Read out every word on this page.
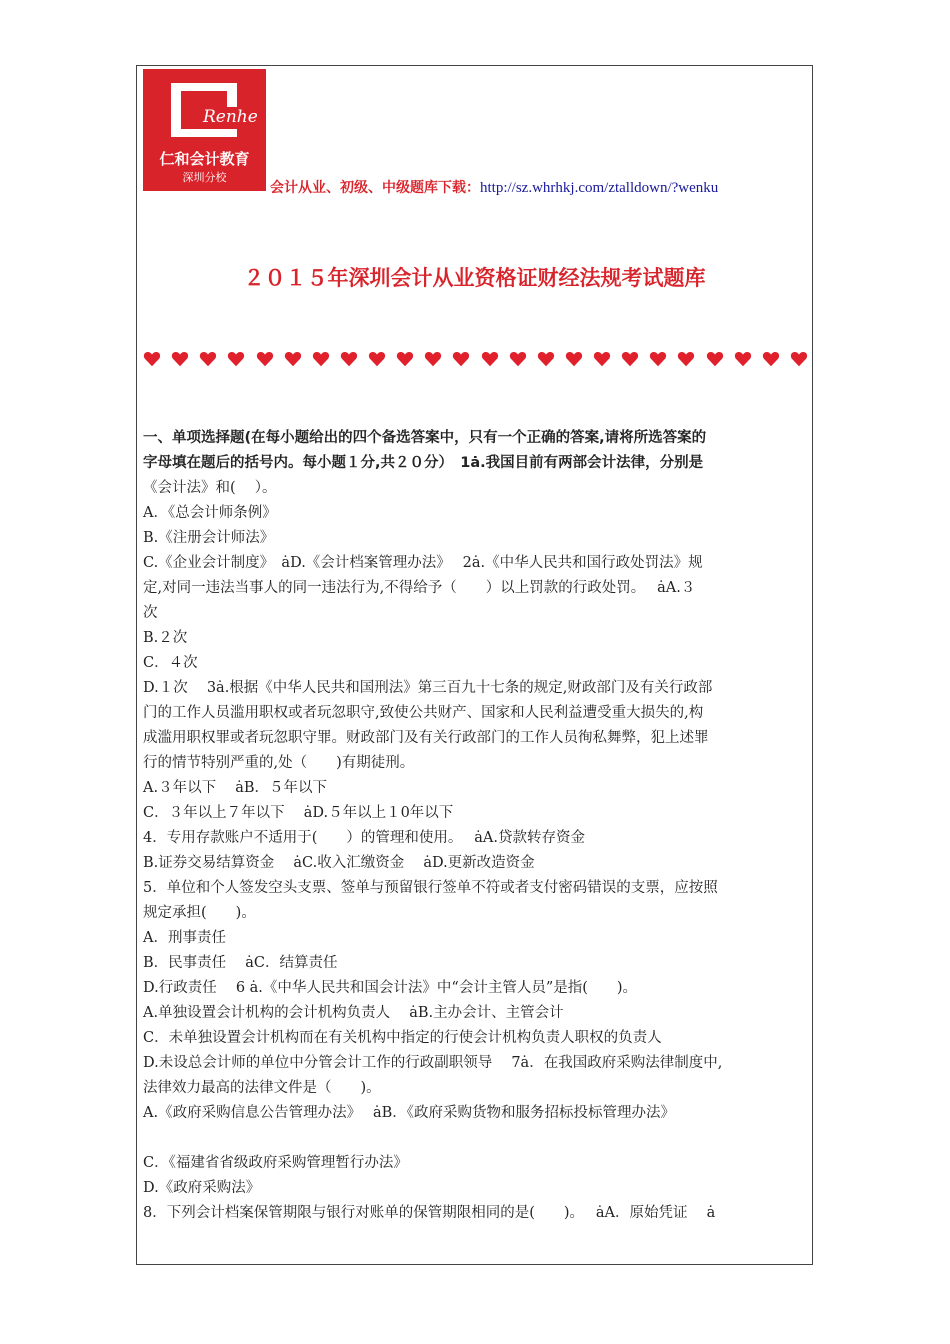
Renhe
仁和会计教育
深圳分校
会计从业、初级、中级题库下载：http://sz.whrhkj.com/ztalldown/?wenku
２０１５年深圳会计从业资格证财经法规考试题库

一、单项选择题(在每小题给出的四个备选答案中，只有一个正确的答案,请将所选答案的

字母填在题后的括号内。每小题１分,共２０分）　1ȧ.我国目前有两部会计法律，分别是

《会计法》和(　 ）。

A．《总会计师条例》

B.《注册会计师法》

C.《企业会计制度》　ȧD.《会计档案管理办法》　 2ȧ.《中华人民共和国行政处罚法》规

定,对同一违法当事人的同一违法行为,不得给予（　　）以上罚款的行政处罚。　 ȧA.３

次

B.２次

C．４次

D.１次　 3ȧ.根据《中华人民共和国刑法》第三百九十七条的规定,财政部门及有关行政部

门的工作人员滥用职权或者玩忽职守,致使公共财产、国家和人民利益遭受重大损失的,构

成滥用职权罪或者玩忽职守罪。财政部门及有关行政部门的工作人员徇私舞弊，犯上述罪

行的情节特别严重的,处（　　)有期徒刑。

A.３年以下　 ȧB．５年以下

C．３年以上７年以下　 ȧD.５年以上１0年以下

4．专用存款账户不适用于(　　）的管理和使用。　 ȧA.贷款转存资金

B.证券交易结算资金　 ȧC.收入汇缴资金　 ȧD.更新改造资金

5．单位和个人签发空头支票、签单与预留银行签单不符或者支付密码错误的支票，应按照

规定承担(　　)。

A．刑事责任

B．民事责任　 ȧC．结算责任

D.行政责任　 6 ȧ.《中华人民共和国会计法》中“会计主管人员”是指(　　)。

A.单独设置会计机构的会计机构负责人　 ȧB.主办会计、主管会计

C．未单独设置会计机构而在有关机构中指定的行使会计机构负责人职权的负责人

D.未设总会计师的单位中分管会计工作的行政副职领导　 7ȧ．在我国政府采购法律制度中,

法律效力最高的法律文件是（　　)。

A.《政府采购信息公告管理办法》　 ȧB．《政府采购货物和服务招标投标管理办法》

C．《福建省省级政府采购管理暂行办法》

D.《政府采购法》

8．下列会计档案保管期限与银行对账单的保管期限相同的是(　　)。　 ȧA．原始凭证　 ȧ
